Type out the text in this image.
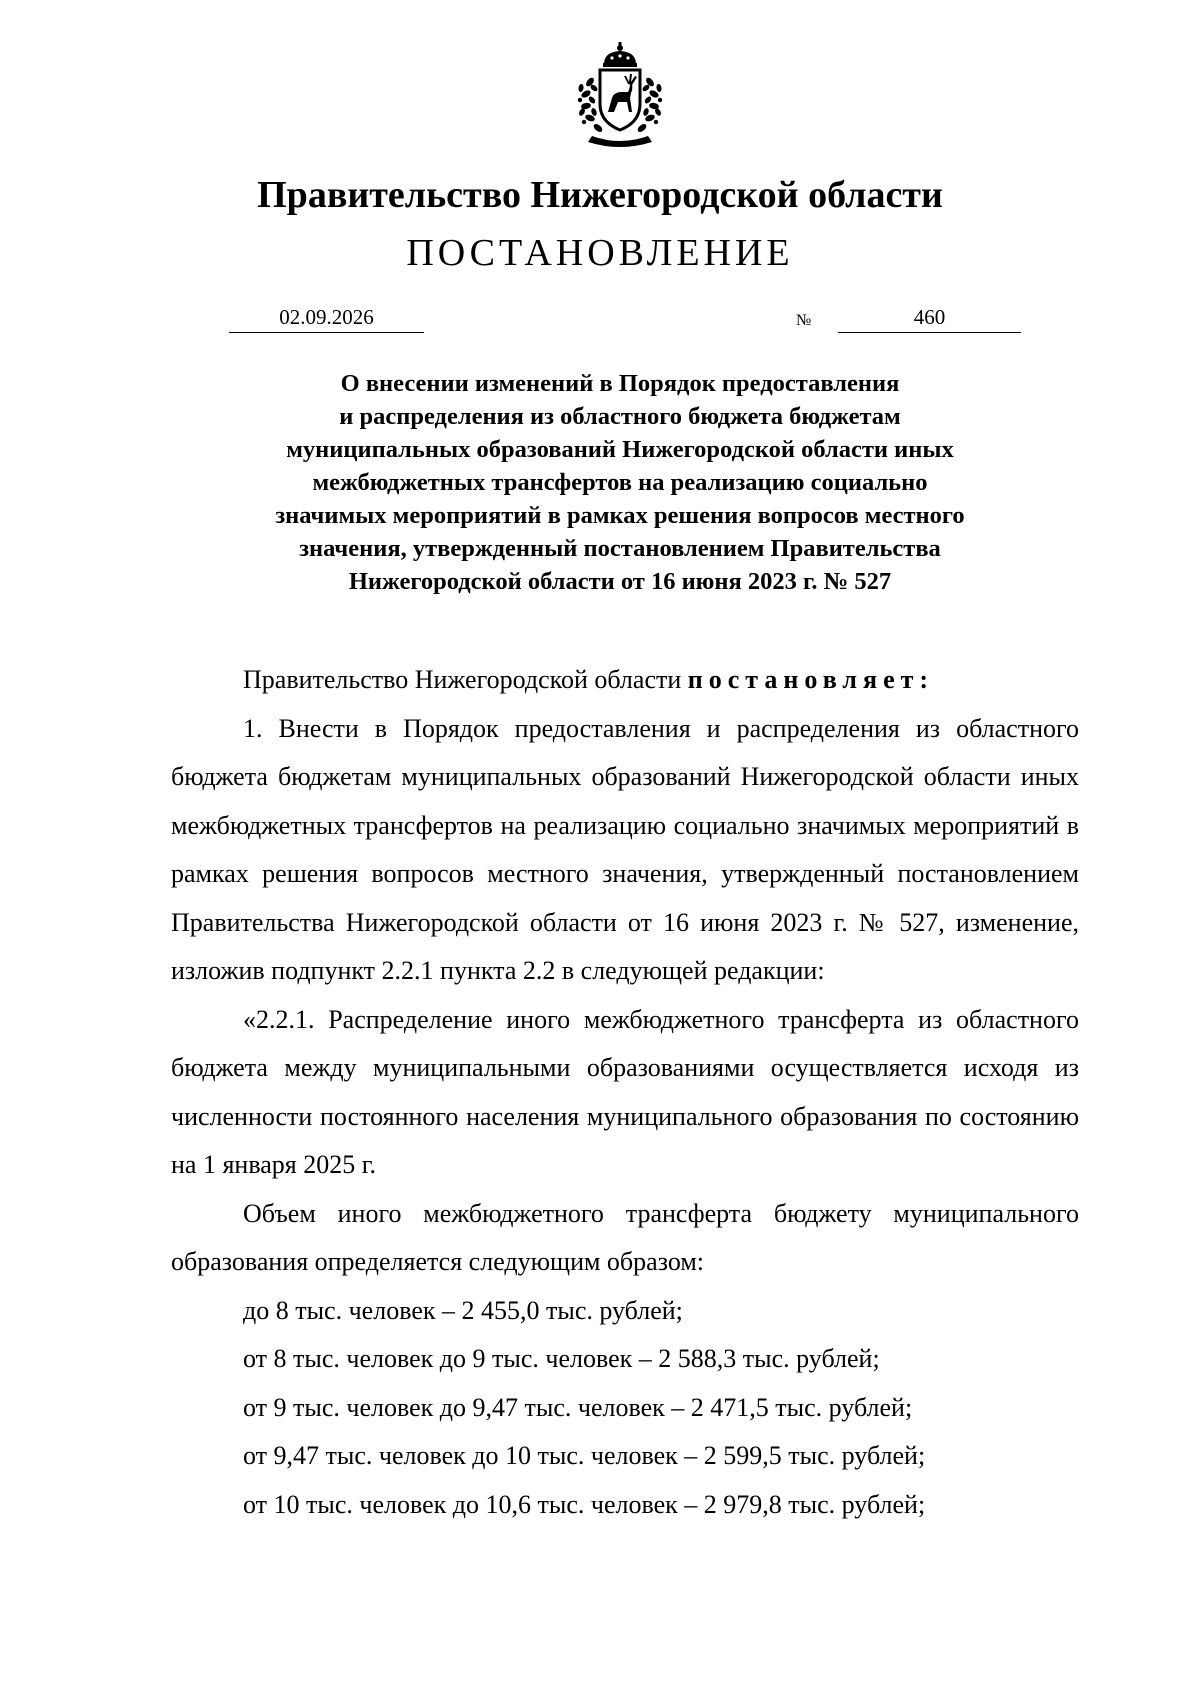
Правительство Нижегородской области
ПОСТАНОВЛЕНИЕ
02.09.2026	№	460
О внесении изменений в Порядок предоставления
и распределения из областного бюджета бюджетам
муниципальных образований Нижегородской области иных
межбюджетных трансфертов на реализацию социально
значимых мероприятий в рамках решения вопросов местного
значения, утвержденный постановлением Правительства
Нижегородской области от 16 июня 2023 г. № 527

Правительство Нижегородской области постановляет:

1. Внести в Порядок предоставления и распределения из областного бюджета бюджетам муниципальных образований Нижегородской области иных межбюджетных трансфертов на реализацию социально значимых мероприятий в рамках решения вопросов местного значения, утвержденный постановлением Правительства Нижегородской области от 16 июня 2023 г. № 527, изменение, изложив подпункт 2.2.1 пункта 2.2 в следующей редакции:

«2.2.1. Распределение иного межбюджетного трансферта из областного бюджета между муниципальными образованиями осуществляется исходя из численности постоянного населения муниципального образования по состоянию на 1 января 2025 г.

Объем иного межбюджетного трансферта бюджету муниципального образования определяется следующим образом:

до 8 тыс. человек – 2 455,0 тыс. рублей;

от 8 тыс. человек до 9 тыс. человек – 2 588,3 тыс. рублей;

от 9 тыс. человек до 9,47 тыс. человек – 2 471,5 тыс. рублей;

от 9,47 тыс. человек до 10 тыс. человек – 2 599,5 тыс. рублей;

от 10 тыс. человек до 10,6 тыс. человек – 2 979,8 тыс. рублей;
